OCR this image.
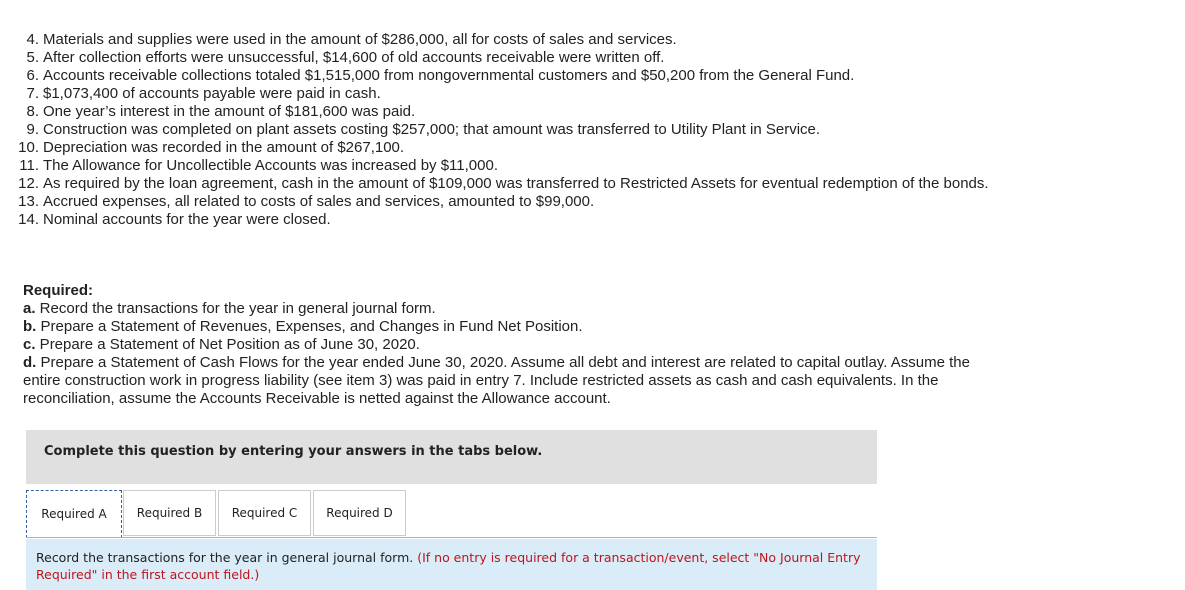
4. Materials and supplies were used in the amount of $286,000, all for costs of sales and services.
5. After collection efforts were unsuccessful, $14,600 of old accounts receivable were written off.
6. Accounts receivable collections totaled $1,515,000 from nongovernmental customers and $50,200 from the General Fund.
7. $1,073,400 of accounts payable were paid in cash.
8. One year’s interest in the amount of $181,600 was paid.
9. Construction was completed on plant assets costing $257,000; that amount was transferred to Utility Plant in Service.
10. Depreciation was recorded in the amount of $267,100.
11. The Allowance for Uncollectible Accounts was increased by $11,000.
12. As required by the loan agreement, cash in the amount of $109,000 was transferred to Restricted Assets for eventual redemption of the bonds.
13. Accrued expenses, all related to costs of sales and services, amounted to $99,000.
14. Nominal accounts for the year were closed.
Required:
a. Record the transactions for the year in general journal form.
b. Prepare a Statement of Revenues, Expenses, and Changes in Fund Net Position.
c. Prepare a Statement of Net Position as of June 30, 2020.
d. Prepare a Statement of Cash Flows for the year ended June 30, 2020. Assume all debt and interest are related to capital outlay. Assume the entire construction work in progress liability (see item 3) was paid in entry 7. Include restricted assets as cash and cash equivalents. In the reconciliation, assume the Accounts Receivable is netted against the Allowance account.
Complete this question by entering your answers in the tabs below.
Required A	Required B	Required C	Required D
Record the transactions for the year in general journal form. (If no entry is required for a transaction/event, select "No Journal Entry Required" in the first account field.)
